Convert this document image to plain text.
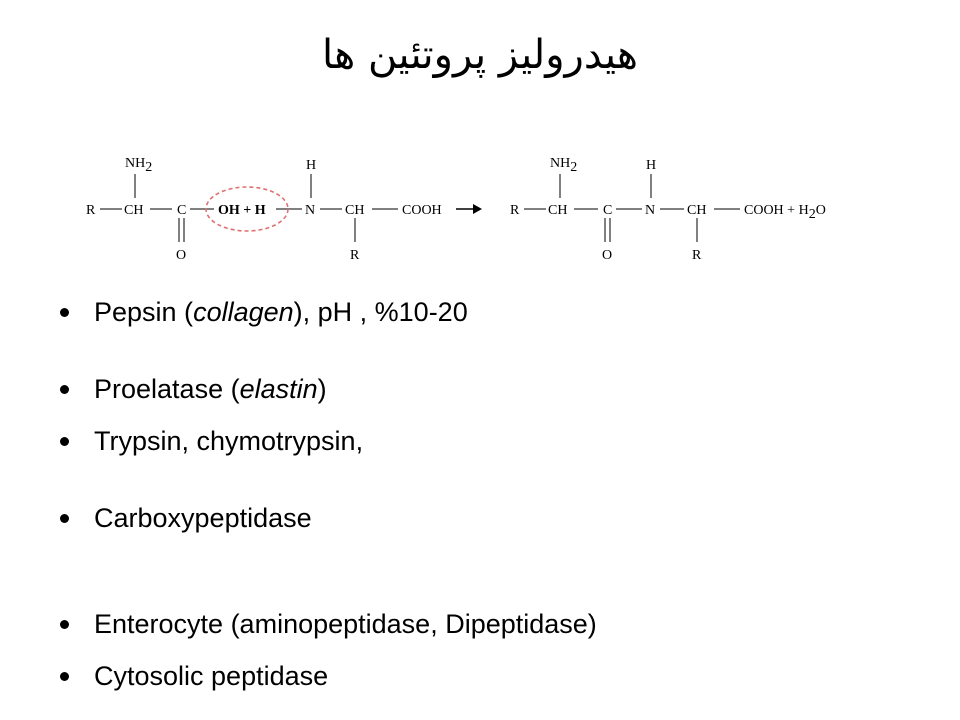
هیدرولیز پروتئین ها
NH2
R CH C OH + H	N CH	COOH
H
O	R
NH2
R CH	C N CH	COOH + H2O
H
O	R
Pepsin (collagen), pH , %10-20
Proelatase (elastin)
Trypsin, chymotrypsin,
Carboxypeptidase
Enterocyte (aminopeptidase, Dipeptidase)
Cytosolic peptidase
